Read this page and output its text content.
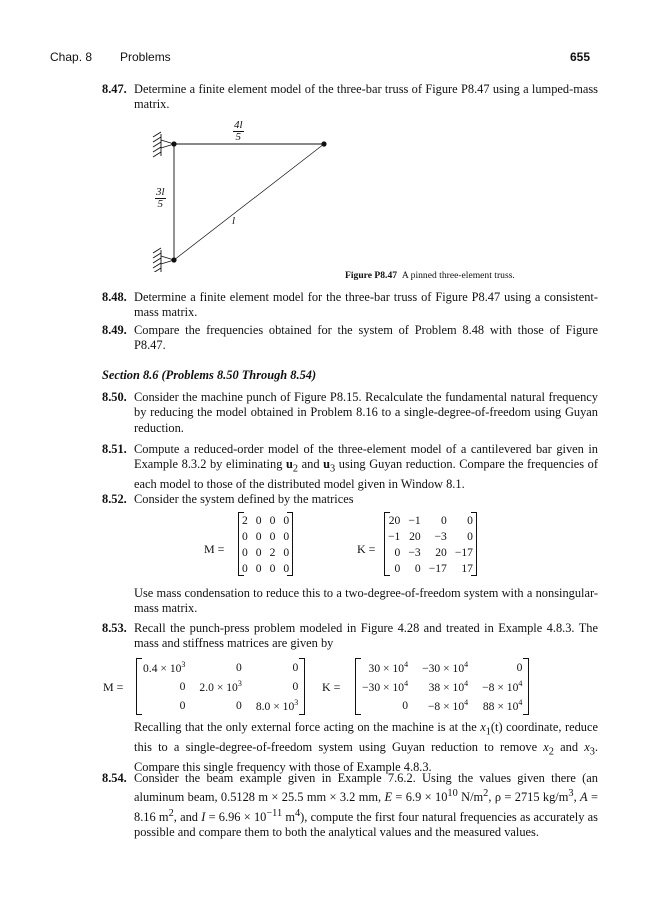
Chap. 8 Problems	655
8.47. Determine a finite element model of the three-bar truss of Figure P8.47 using a lumped-mass matrix.
$\frac{4l}{5}$
$\frac{3l}{5}$
l
Figure P8.47 A pinned three-element truss.
8.48. Determine a finite element model for the three-bar truss of Figure P8.47 using a consistent-mass matrix.
8.49. Compare the frequencies obtained for the system of Problem 8.48 with those of Figure P8.47.
Section 8.6 (Problems 8.50 Through 8.54)
8.50. Consider the machine punch of Figure P8.15. Recalculate the fundamental natural frequency by reducing the model obtained in Problem 8.16 to a single-degree-of-freedom using Guyan reduction.
8.51. Compute a reduced-order model of the three-element model of a cantilevered bar given in Example 8.3.2 by eliminating $u_2$ and $u_3$ using Guyan reduction. Compare the frequencies of each model to those of the distributed model given in Window 8.1.
8.52. Consider the system defined by the matrices
M =
2	0	0	0
0	0	0	0
0	0	2	0
0	0	0	0
K =
20	−1	0	0
−1	20	−3	0
0	−3	20	−17
0	0	−17	17
Use mass condensation to reduce this to a two-degree-of-freedom system with a nonsingular-mass matrix.
8.53. Recall the punch-press problem modeled in Figure 4.28 and treated in Example 4.8.3. The mass and stiffness matrices are given by
M =
$0.4 \times 10^3$	0	0
0	$2.0 \times 10^3$	0
0	0	$8.0 \times 10^3$
K =
$30 \times 10^4$	$-30 \times 10^4$	0
$-30 \times 10^4$	$38 \times 10^4$	$-8 \times 10^4$
0	$-8 \times 10^4$	$88 \times 10^4$
Recalling that the only external force acting on the machine is at the $x_1(t)$ coordinate, reduce this to a single-degree-of-freedom system using Guyan reduction to remove $x_2$ and $x_3$. Compare this single frequency with those of Example 4.8.3.
8.54. Consider the beam example given in Example 7.6.2. Using the values given there (an aluminum beam, 0.5128 m × 25.5 mm × 3.2 mm, $E = 6.9 \times 10^{10}$ $N/m^2$, ρ = 2715 $kg/m^3$, A = 8.16 $m^2$, and $I = 6.96 \times 10^{-11}$ $m^4$), compute the first four natural frequencies as accurately as possible and compare them to both the analytical values and the measured values.
